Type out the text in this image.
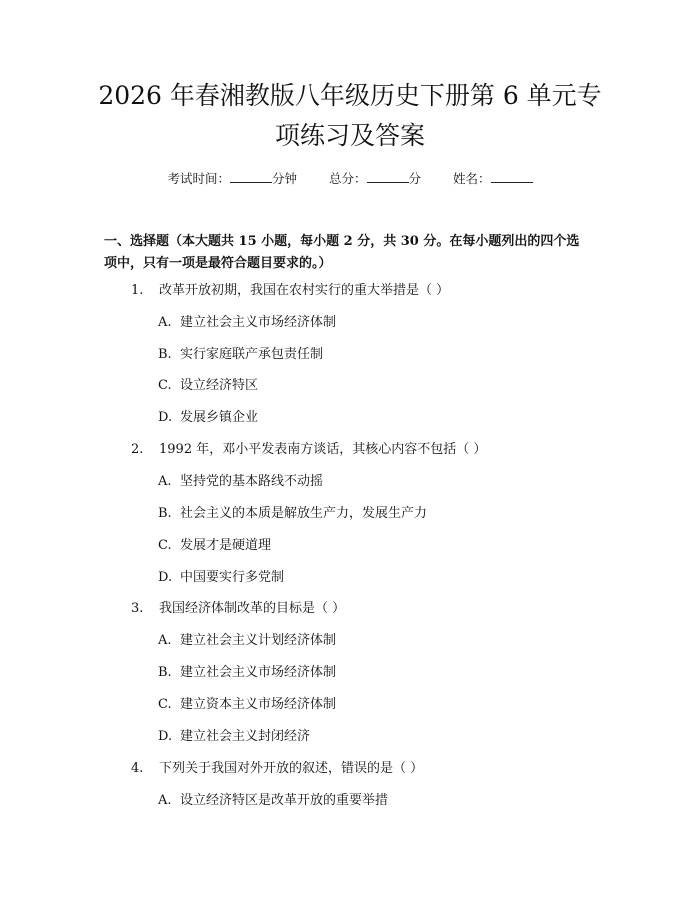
2026 年春湘教版八年级历史下册第 6 单元专
项练习及答案
考试时间：	分钟	总分：	分	姓名：

一、选择题（本大题共 15 小题，每小题 2 分，共 30 分。在每小题列出的四个选
项中，只有一项是最符合题目要求的。）

1. 改革开放初期，我国在农村实行的重大举措是（ ）
A. 建立社会主义市场经济体制
B. 实行家庭联产承包责任制
C. 设立经济特区
D. 发展乡镇企业
2. 1992 年，邓小平发表南方谈话，其核心内容不包括（ ）
A. 坚持党的基本路线不动摇
B. 社会主义的本质是解放生产力，发展生产力
C. 发展才是硬道理
D. 中国要实行多党制
3. 我国经济体制改革的目标是（ ）
A. 建立社会主义计划经济体制
B. 建立社会主义市场经济体制
C. 建立资本主义市场经济体制
D. 建立社会主义封闭经济
4. 下列关于我国对外开放的叙述，错误的是（ ）
A. 设立经济特区是改革开放的重要举措
